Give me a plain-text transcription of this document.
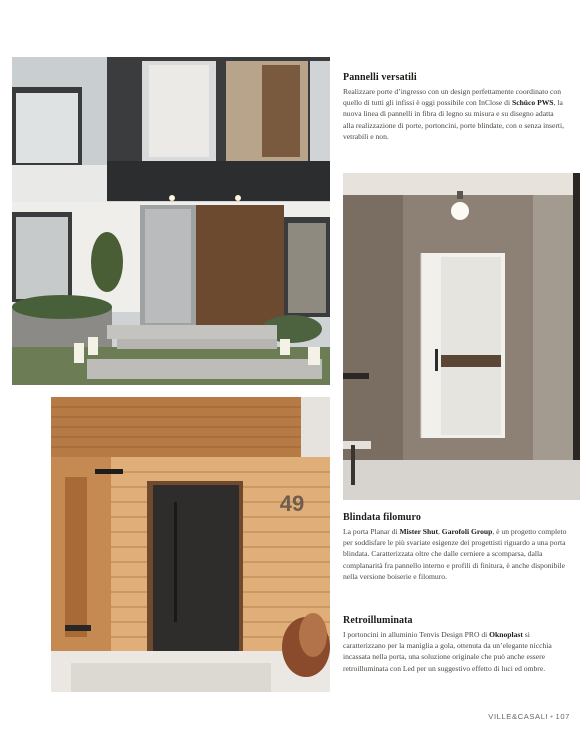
49
Pannelli versatili

Realizzare porte d’ingresso con un design perfettamente coordinato con quello di tutti gli infissi è oggi possibile con InClose di Schüco PWS, la nuova linea di pannelli in fibra di legno su misura e su disegno adatta alla realizzazione di porte, portoncini, porte blindate, con o senza inserti, vetrabili e non.

Blindata filomuro

La porta Planar di Mister Shut, Garofoli Group, è un progetto completo per soddisfare le più svariate esigenze dei progettisti riguardo a una porta blindata. Caratterizzata oltre che dalle cerniere a scomparsa, dalla complanarità fra pannello interno e profili di finitura, è anche disponibile nella versione boiserie e filomuro.

Retroilluminata

I portoncini in alluminio Tenvis Design PRO di Oknoplast si caratterizzano per la maniglia a gola, ottenuta da un’elegante nicchia incassata nella porta, una soluzione originale che può anche essere retroilluminata con Led per un suggestivo effetto di luci ed ombre.

VILLE&CASALI • 107
